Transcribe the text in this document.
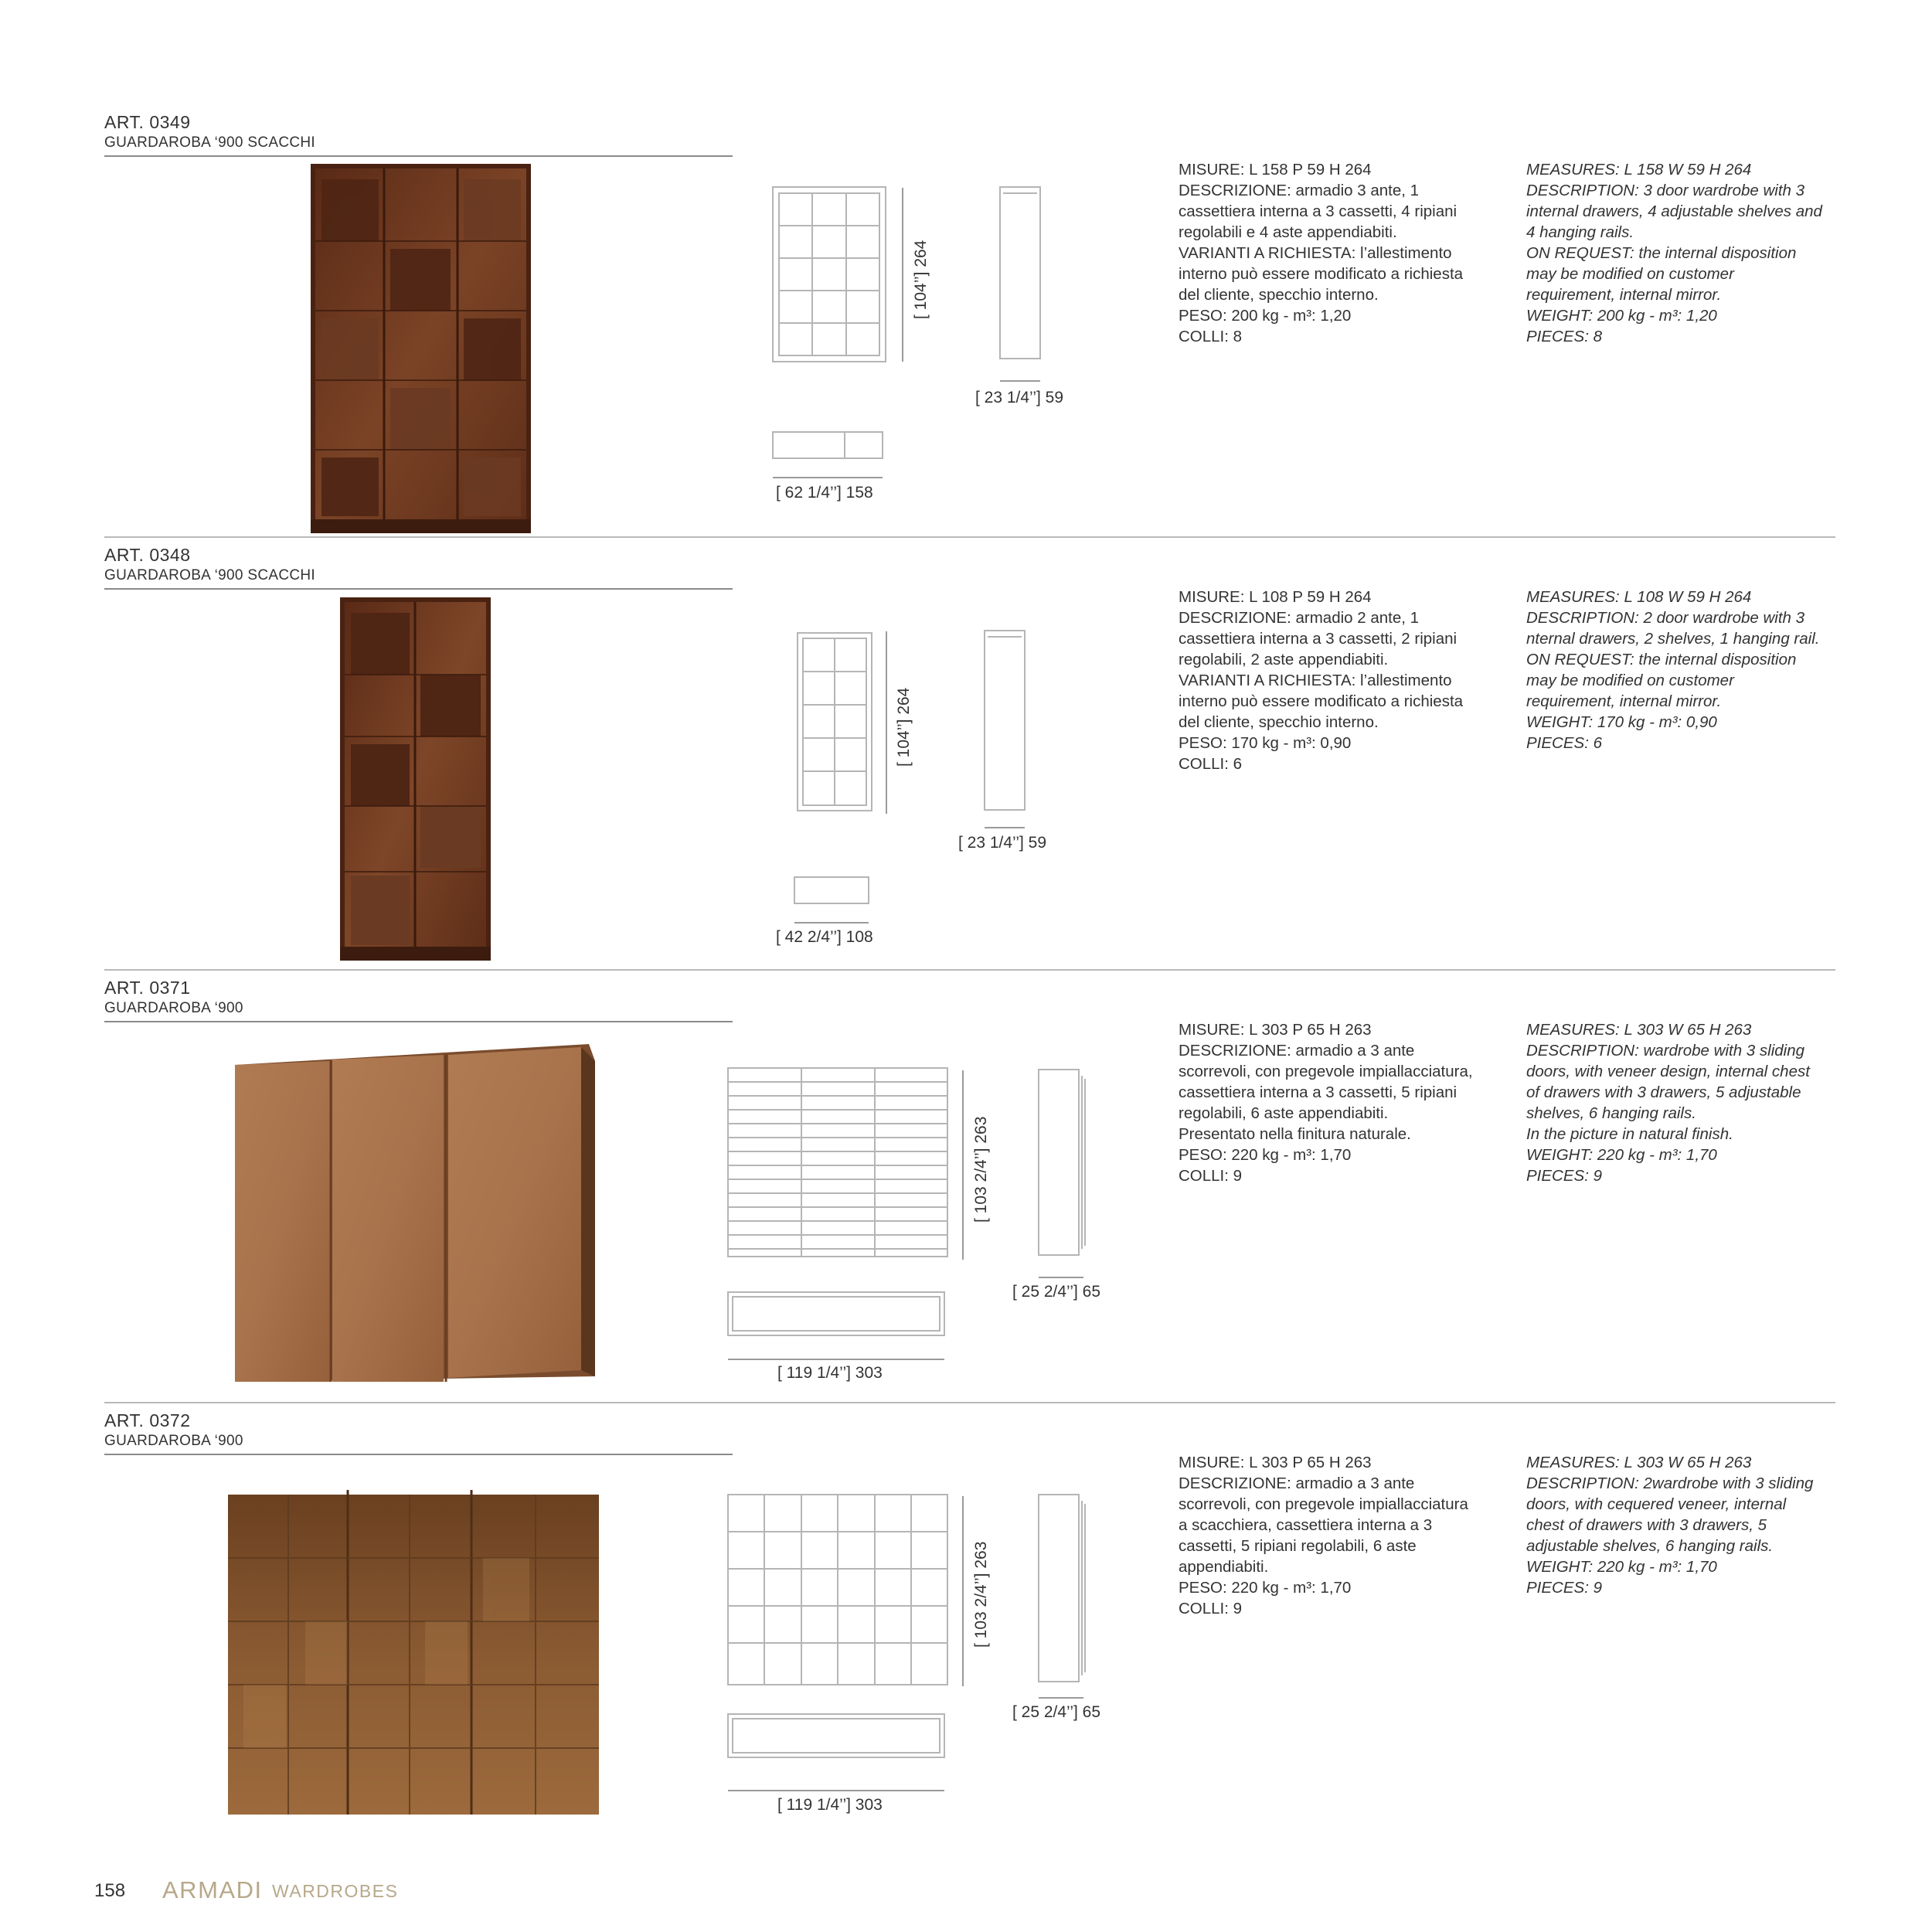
ART. 0349
GUARDAROBA ‘900 SCACCHI
[ 104’’] 264
[ 23 1/4’’] 59
[ 62 1/4’’] 158
MISURE: L 158 P 59 H 264
DESCRIZIONE: armadio 3 ante, 1
cassettiera interna a 3 cassetti, 4 ripiani
regolabili e 4 aste appendiabiti.
VARIANTI A RICHIESTA: l’allestimento
interno può essere modificato a richiesta
del cliente, specchio interno.
PESO: 200 kg - m³: 1,20
COLLI: 8
MEASURES: L 158 W 59 H 264
DESCRIPTION: 3 door wardrobe with 3
internal drawers, 4 adjustable shelves and
4 hanging rails.
ON REQUEST: the internal disposition
may be modified on customer
requirement, internal mirror.
WEIGHT: 200 kg - m³: 1,20
PIECES: 8
ART. 0348
GUARDAROBA ‘900 SCACCHI
[ 104’’] 264
[ 23 1/4’’] 59
[ 42 2/4’’] 108
MISURE: L 108 P 59 H 264
DESCRIZIONE: armadio 2 ante, 1
cassettiera interna a 3 cassetti, 2 ripiani
regolabili, 2 aste appendiabiti.
VARIANTI A RICHIESTA: l’allestimento
interno può essere modificato a richiesta
del cliente, specchio interno.
PESO: 170 kg - m³: 0,90
COLLI: 6
MEASURES: L 108 W 59 H 264
DESCRIPTION: 2 door wardrobe with 3
nternal drawers, 2 shelves, 1 hanging rail.
ON REQUEST: the internal disposition
may be modified on customer
requirement, internal mirror.
WEIGHT: 170 kg - m³: 0,90
PIECES: 6
ART. 0371
GUARDAROBA ‘900
[ 103 2/4’’] 263
[ 25 2/4’’] 65
[ 119 1/4’’] 303
MISURE: L 303 P 65 H 263
DESCRIZIONE: armadio a 3 ante
scorrevoli, con pregevole impiallacciatura,
cassettiera interna a 3 cassetti, 5 ripiani
regolabili, 6 aste appendiabiti.
Presentato nella finitura naturale.
PESO: 220 kg - m³: 1,70
COLLI: 9
MEASURES: L 303 W 65 H 263
DESCRIPTION: wardrobe with 3 sliding
doors, with veneer design, internal chest
of drawers with 3 drawers, 5 adjustable
shelves, 6 hanging rails.
In the picture in natural finish.
WEIGHT: 220 kg - m³: 1,70
PIECES: 9
ART. 0372
GUARDAROBA ‘900
[ 103 2/4’’] 263
[ 25 2/4’’] 65
[ 119 1/4’’] 303
MISURE: L 303 P 65 H 263
DESCRIZIONE: armadio a 3 ante
scorrevoli, con pregevole impiallacciatura
a scacchiera, cassettiera interna a 3
cassetti, 5 ripiani regolabili, 6 aste
appendiabiti.
PESO: 220 kg - m³: 1,70
COLLI: 9
MEASURES: L 303 W 65 H 263
DESCRIPTION: 2wardrobe with 3 sliding
doors, with cequered veneer, internal
chest of drawers with 3 drawers, 5
adjustable shelves, 6 hanging rails.
WEIGHT: 220 kg - m³: 1,70
PIECES: 9
158 ARMADI WARDROBES
